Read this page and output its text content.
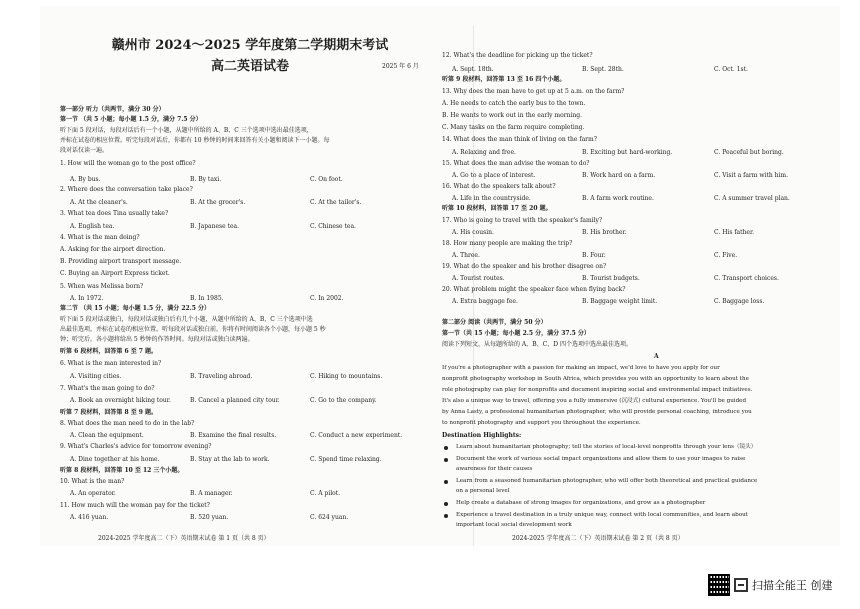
赣州市 2024～2025 学年度第二学期期末考试
高二英语试卷	2025 年 6 月
2024-2025 学年度高二（下）英语期末试卷 第 1 页（共 8 页）
第一部分 听力（共两节，满分 30 分）
第一节 （共 5 小题；每小题 1.5 分，满分 7.5 分）
听下面 5 段对话，每段对话后有一个小题，从题中所给的 A、B、C 三个选项中选出最佳选项，
并标在试卷的相应位置。听完每段对话后，你都有 10 秒钟的时间来回答有关小题和阅读下一小题。每
段对话仅读一遍。
1. How will the woman go to the post office?
2. Where does the conversation take place?
3. What tea does Tina usually take?
4. What is the man doing?
A. Asking for the airport direction.
B. Providing airport transport message.
C. Buying an Airport Express ticket.
5. When was Melissa born?
第二节 （共 15 小题；每小题 1.5 分，满分 22.5 分）
听下面 5 段对话或独白，每段对话或独白后有几个小题，从题中所给的 A、B、C 三个选项中选
出最佳选项，并标在试卷的相应位置。听每段对话或独白前，你将有时间阅读各个小题，每小题 5 秒
钟；听完后，各小题将给出 5 秒钟的作答时间。每段对话或独白读两遍。
听第 6 段材料，回答第 6 至 7 题。
6. What is the man interested in?
7. What's the man going to do?
听第 7 段材料，回答第 8 至 9 题。
8. What does the man need to do in the lab?
9. What's Charles's advice for tomorrow evening?
听第 8 段材料，回答第 10 至 12 三个小题。
10. What is the man?
11. How much will the woman pay for the ticket?
A. By bus.	B. By taxi.	C. On foot.
A. At the cleaner's.	B. At the grocer's.	C. At the tailor's.
A. English tea.	B. Japanese tea.	C. Chinese tea.
A. In 1972.	B. In 1985.	C. In 2002.
A. Visiting cities.	B. Traveling abroad.	C. Hiking to mountains.
A. Book an overnight hiking tour.	B. Cancel a planned city tour.	C. Go to the company.
A. Clean the equipment.	B. Examine the final results.	C. Conduct a new experiment.
A. Dine together at his home.	B. Stay at the lab to work.	C. Spend time relaxing.
A. An operator.	B. A manager.	C. A pilot.
A. 416 yuan.	B. 520 yuan.	C. 624 yuan.
2024-2025 学年度高二（下）英语期末试卷 第 2 页（共 8 页）
12. What's the deadline for picking up the ticket?
听第 9 段材料，回答第 13 至 16 四个小题。
13. Why does the man have to get up at 5 a.m. on the farm?
A. He needs to catch the early bus to the town.
B. He wants to work out in the early morning.
C. Many tasks on the farm require completing.
14. What does the man think of living on the farm?
15. What does the man advise the woman to do?
16. What do the speakers talk about?
听第 10 段材料，回答第 17 至 20 题。
17. Who is going to travel with the speaker's family?
18. How many people are making the trip?
19. What do the speaker and his brother disagree on?
20. What problem might the speaker face when flying back?
第二部分 阅读（共两节，满分 50 分）
第一节（共 15 小题；每小题 2.5 分，满分 37.5 分）
阅读下列短文，从每题所给的 A、B、C、D 四个选项中选出最佳选项。
A
A. Sept. 18th.	B. Sept. 28th.	C. Oct. 1st.
A. Relaxing and free.	B. Exciting but hard-working.	C. Peaceful but boring.
A. Go to a place of interest.	B. Work hard on a farm.	C. Visit a farm with him.
A. Life in the countryside.	B. A farm work routine.	C. A summer travel plan.
A. His cousin.	B. His brother.	C. His father.
A. Three.	B. Four.	C. Five.
A. Tourist routes.	B. Tourist budgets.	C. Transport choices.
A. Extra baggage fee.	B. Baggage weight limit.	C. Baggage loss.
If you're a photographer with a passion for making an impact, we'd love to have you apply for our
nonprofit photography workshop in South Africa, which provides you with an opportunity to learn about the
role photography can play for nonprofits and document inspiring social and environmental impact initiatives.
It's also a unique way to travel, offering you a fully immersive (沉浸式) cultural experience. You'll be guided
by Anna Lasty, a professional humanitarian photographer, who will provide personal coaching, introduce you
to nonprofit photography and support you throughout the experience.
Destination Highlights:
Learn about humanitarian photography; tell the stories of local-level nonprofits through your lens（镜头）
Document the work of various social impact organizations and allow them to use your images to raise
awareness for their causes
Learn from a seasoned humanitarian photographer, who will offer both theoretical and practical guidance
on a personal level
Help create a database of strong images for organizations, and grow as a photographer
Experience a travel destination in a truly unique way, connect with local communities, and learn about
important local social development work
扫描全能王 创建
